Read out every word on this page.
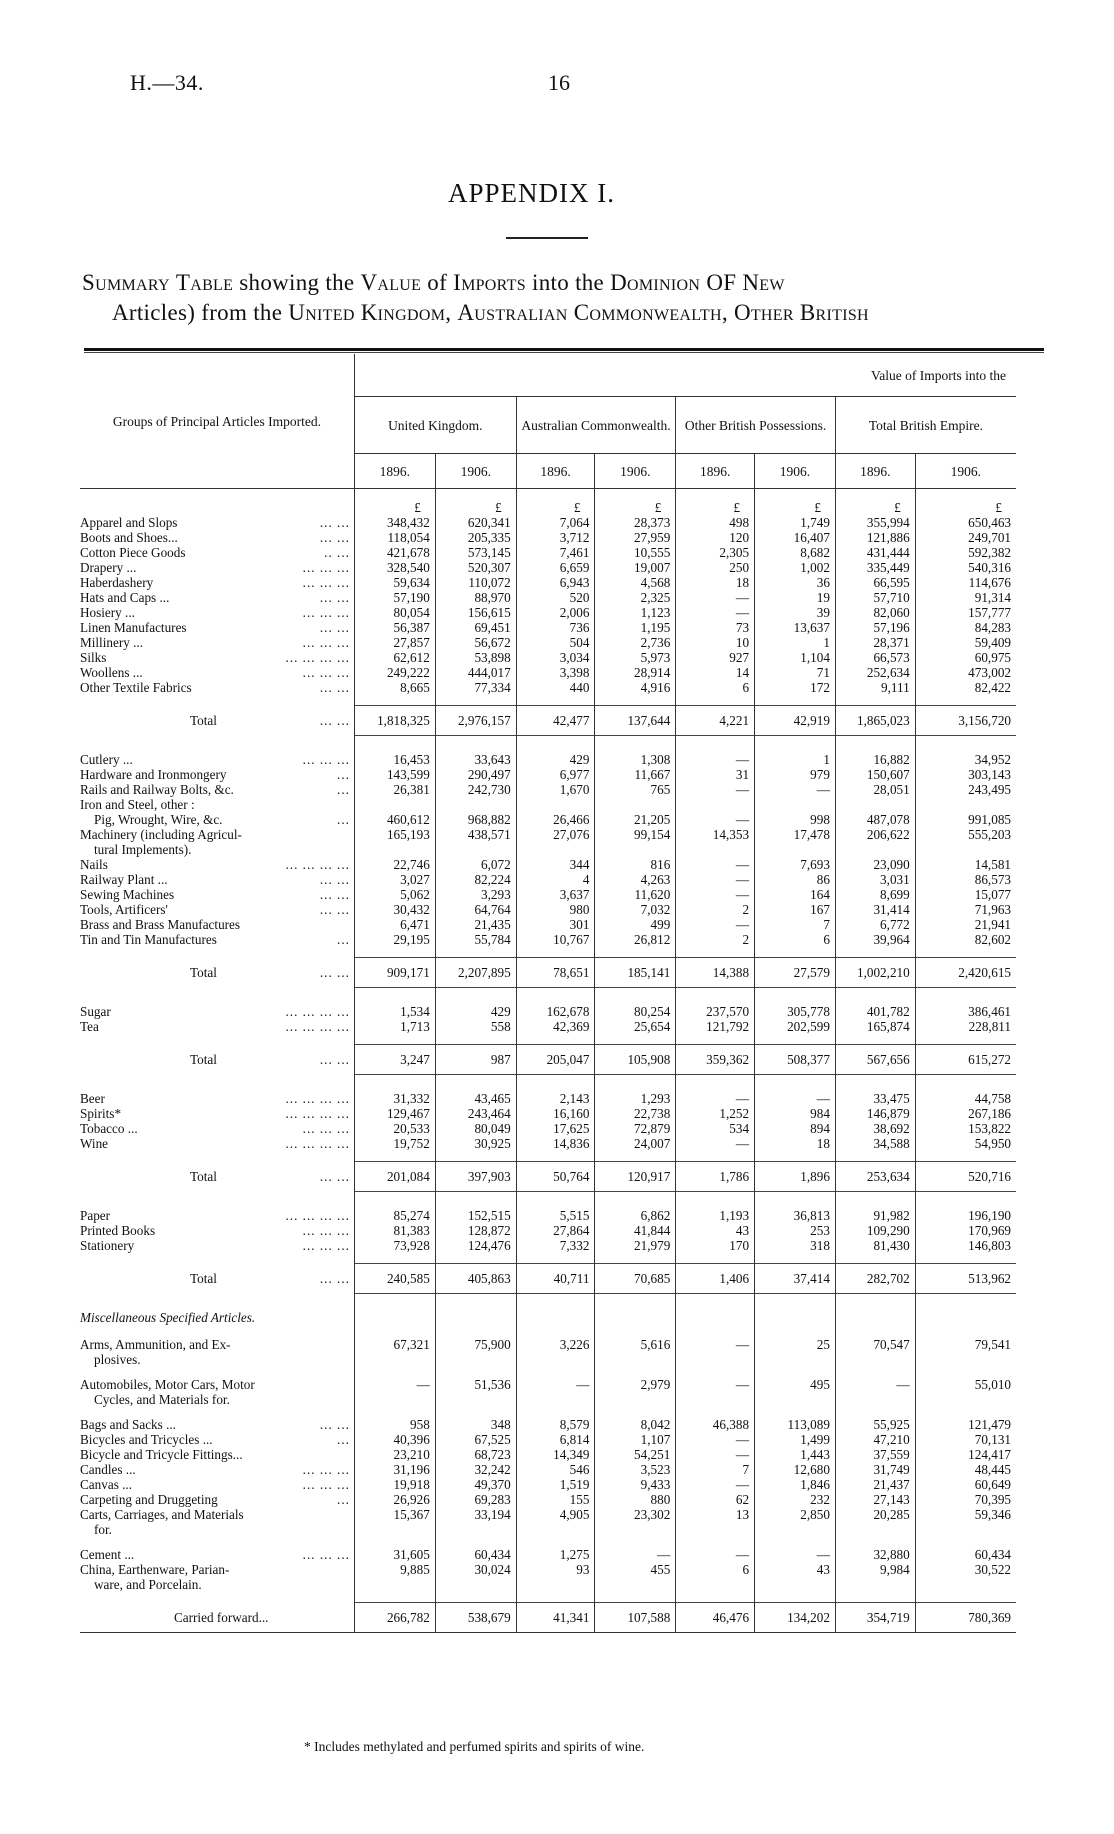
H.—34.	16
APPENDIX I.
Summary Table showing the Value of Imports into the Dominion OF New
Articles) from the United Kingdom, Australian Commonwealth, Other British
Groups of Principal Articles Imported.	Value of Imports into the							
	United Kingdom.		Australian Commonwealth.		Other British Possessions.		Total British Empire.	
	1896.	1906.	1896.	1906.	1896.	1906.	1896.	1906.
	£	£	£	£	£	£	£	£
Apparel and Slops ... ...	348,432	620,341	7,064	28,373	498	1,749	355,994	650,463
Boots and Shoes... ... ...	118,054	205,335	3,712	27,959	120	16,407	121,886	249,701
Cotton Piece Goods .. ...	421,678	573,145	7,461	10,555	2,305	8,682	431,444	592,382
Drapery ... ... ... ...	328,540	520,307	6,659	19,007	250	1,002	335,449	540,316
Haberdashery ... ... ...	59,634	110,072	6,943	4,568	18	36	66,595	114,676
Hats and Caps ... ... ...	57,190	88,970	520	2,325	—	19	57,710	91,314
Hosiery ... ... ... ...	80,054	156,615	2,006	1,123	—	39	82,060	157,777
Linen Manufactures ... ...	56,387	69,451	736	1,195	73	13,637	57,196	84,283
Millinery ... ... ... ...	27,857	56,672	504	2,736	10	1	28,371	59,409
Silks ... ... ... ...	62,612	53,898	3,034	5,973	927	1,104	66,573	60,975
Woollens ... ... ... ...	249,222	444,017	3,398	28,914	14	71	252,634	473,002
Other Textile Fabrics ... ...	8,665	77,334	440	4,916	6	172	9,111	82,422

Total ... ...	1,818,325	2,976,157	42,477	137,644	4,221	42,919	1,865,023	3,156,720

Cutlery ... ... ... ...	16,453	33,643	429	1,308	—	1	16,882	34,952
Hardware and Ironmongery ...	143,599	290,497	6,977	11,667	31	979	150,607	303,143
Rails and Railway Bolts, &c. ...	26,381	242,730	1,670	765	—	—	28,051	243,495
Iron and Steel, other :								
Pig, Wrought, Wire, &c. ...	460,612	968,882	26,466	21,205	—	998	487,078	991,085
Machinery (including Agricul-	165,193	438,571	27,076	99,154	14,353	17,478	206,622	555,203
tural Implements).								
Nails ... ... ... ...	22,746	6,072	344	816	—	7,693	23,090	14,581
Railway Plant ... ... ...	3,027	82,224	4	4,263	—	86	3,031	86,573
Sewing Machines ... ...	5,062	3,293	3,637	11,620	—	164	8,699	15,077
Tools, Artificers' ... ...	30,432	64,764	980	7,032	2	167	31,414	71,963
Brass and Brass Manufactures	6,471	21,435	301	499	—	7	6,772	21,941
Tin and Tin Manufactures ...	29,195	55,784	10,767	26,812	2	6	39,964	82,602

Total ... ...	909,171	2,207,895	78,651	185,141	14,388	27,579	1,002,210	2,420,615

Sugar ... ... ... ...	1,534	429	162,678	80,254	237,570	305,778	401,782	386,461
Tea ... ... ... ...	1,713	558	42,369	25,654	121,792	202,599	165,874	228,811

Total ... ...	3,247	987	205,047	105,908	359,362	508,377	567,656	615,272

Beer ... ... ... ...	31,332	43,465	2,143	1,293	—	—	33,475	44,758
Spirits* ... ... ... ...	129,467	243,464	16,160	22,738	1,252	984	146,879	267,186
Tobacco ... ... ... ...	20,533	80,049	17,625	72,879	534	894	38,692	153,822
Wine ... ... ... ...	19,752	30,925	14,836	24,007	—	18	34,588	54,950

Total ... ...	201,084	397,903	50,764	120,917	1,786	1,896	253,634	520,716

Paper ... ... ... ...	85,274	152,515	5,515	6,862	1,193	36,813	91,982	196,190
Printed Books ... ... ...	81,383	128,872	27,864	41,844	43	253	109,290	170,969
Stationery ... ... ...	73,928	124,476	7,332	21,979	170	318	81,430	146,803

Total ... ...	240,585	405,863	40,711	70,685	1,406	37,414	282,702	513,962

Miscellaneous Specified Articles.								

Arms, Ammunition, and Ex-	67,321	75,900	3,226	5,616	—	25	70,547	79,541
plosives.								

Automobiles, Motor Cars, Motor	—	51,536	—	2,979	—	495	—	55,010
Cycles, and Materials for.								

Bags and Sacks ... ... ...	958	348	8,579	8,042	46,388	113,089	55,925	121,479
Bicycles and Tricycles ... ...	40,396	67,525	6,814	1,107	—	1,499	47,210	70,131
Bicycle and Tricycle Fittings...	23,210	68,723	14,349	54,251	—	1,443	37,559	124,417
Candles ... ... ... ...	31,196	32,242	546	3,523	7	12,680	31,749	48,445
Canvas ... ... ... ...	19,918	49,370	1,519	9,433	—	1,846	21,437	60,649
Carpeting and Druggeting ...	26,926	69,283	155	880	62	232	27,143	70,395
Carts, Carriages, and Materials	15,367	33,194	4,905	23,302	13	2,850	20,285	59,346
for.								

Cement ... ... ... ...	31,605	60,434	1,275	—	—	—	32,880	60,434
China, Earthenware, Parian-	9,885	30,024	93	455	6	43	9,984	30,522
ware, and Porcelain.								

Carried forward...	266,782	538,679	41,341	107,588	46,476	134,202	354,719	780,369
* Includes methylated and perfumed spirits and spirits of wine.
